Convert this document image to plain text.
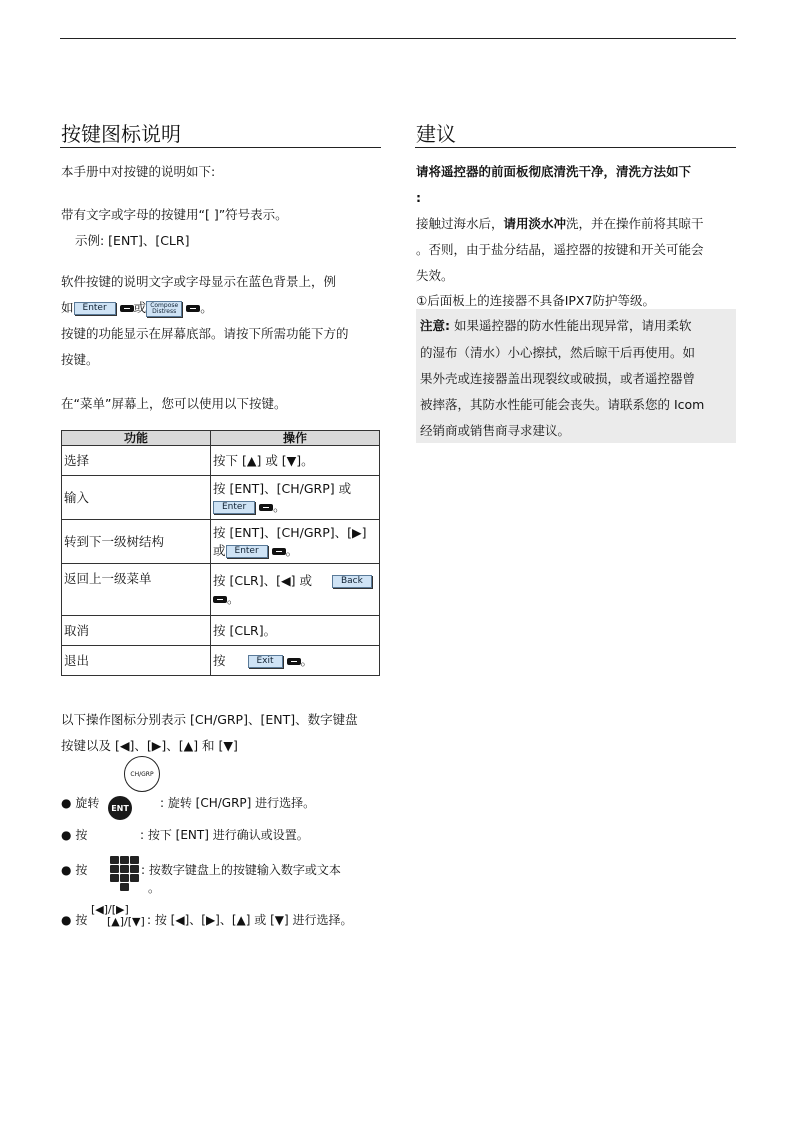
按键图标说明
本手册中对按键的说明如下:
带有文字或字母的按键用“[ ]”符号表示。
示例: [ENT]、[CLR]
软件按键的说明文字或字母显示在蓝色背景上，例
如 Enter 或 Compose
Distress 。
按键的功能显示在屏幕底部。请按下所需功能下方的
按键。
在“菜单”屏幕上，您可以使用以下按键。
功能	操作
选择	按下 [▲] 或 [▼]。
输入	按 [ENT]、[CH/GRP] 或
Enter 。
转到下一级树结构	按 [ENT]、[CH/GRP]、[▶]
或 Enter 。
返回上一级菜单	按 [CLR]、[◀] 或 Back
。
取消	按 [CLR]。
退出	按 Exit 。
以下操作图标分别表示 [CH/GRP]、[ENT]、数字键盘
按键以及 [◀]、[▶]、[▲] 和 [▼]
CH/GRP
● 旋转	ENT	: 旋转 [CH/GRP] 进行选择。
● 按	: 按下 [ENT] 进行确认或设置。
● 按	: 按数字键盘上的按键输入数字或文本
。
● 按
[◀]/[▶]
[▲]/[▼] : 按 [◀]、[▶]、[▲] 或 [▼] 进行选择。
建议
请将遥控器的前面板彻底清洗干净，清洗方法如下
:
接触过海水后，请用淡水冲洗，并在操作前将其晾干
。否则，由于盐分结晶，遥控器的按键和开关可能会
失效。
①后面板上的连接器不具备IPX7防护等级。
注意: 如果遥控器的防水性能出现异常，请用柔软
的湿布（清水）小心擦拭，然后晾干后再使用。如
果外壳或连接器盖出现裂纹或破损，或者遥控器曾
被摔落，其防水性能可能会丧失。请联系您的 Icom
经销商或销售商寻求建议。
